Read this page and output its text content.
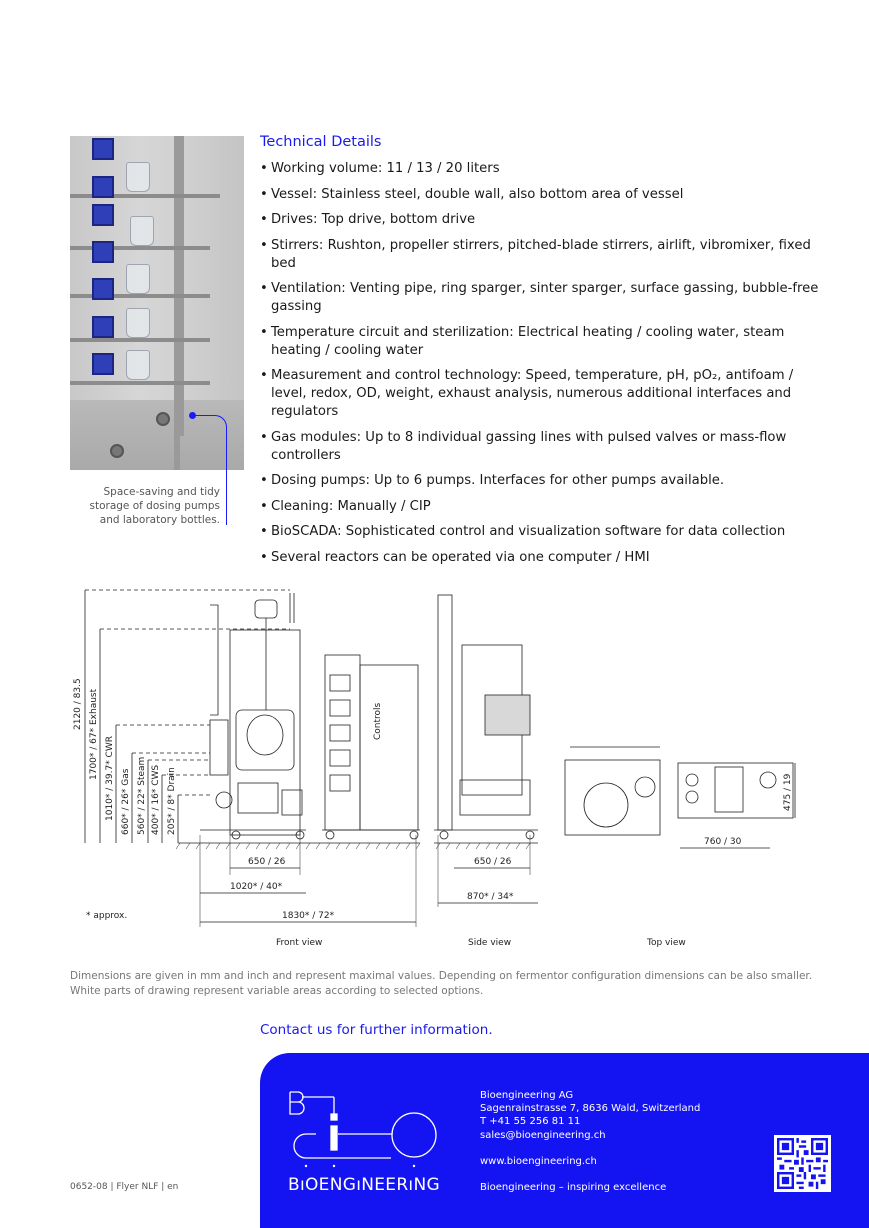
Space-saving and tidy storage of dosing pumps and laboratory bottles.
Technical Details
• Working volume: 11 / 13 / 20 liters
• Vessel: Stainless steel, double wall, also bottom area of vessel
• Drives: Top drive, bottom drive
• Stirrers: Rushton, propeller stirrers, pitched-blade stirrers, airlift, vibromixer, fixed bed
• Ventilation: Venting pipe, ring sparger, sinter sparger, surface gassing, bubble-free gassing
• Temperature circuit and sterilization: Electrical heating / cooling water, steam heating / cooling water
• Measurement and control technology: Speed, temperature, pH, pO₂, antifoam / level, redox, OD, weight, exhaust analysis, numerous additional interfaces and regulators
• Gas modules: Up to 8 individual gassing lines with pulsed valves or mass-flow controllers
• Dosing pumps: Up to 6 pumps. Interfaces for other pumps available.
• Cleaning: Manually / CIP
• BioSCADA: Sophisticated control and visualization software for data collection
• Several reactors can be operated via one computer / HMI
2120 / 83.5 1700* / 67* Exhaust 1010* / 39.7* CWR 660* / 26* Gas 560* / 22* Steam 400* / 16* CWS 205* / 8* Drain
Controls
650 / 26
1020* / 40*
1830* / 72*
650 / 26
870* / 34*
760 / 30
475 / 19
* approx.
Front view	Side view	Top view

Dimensions are given in mm and inch and represent maximal values. Depending on fermentor configuration dimensions can be also smaller. White parts of drawing represent variable areas according to selected options.

Contact us for further information.

BıOENGıNEERıNG
Bioengineering AG
Sagenrainstrasse 7, 8636 Wald, Switzerland
T +41 55 256 81 11
sales@bioengineering.ch
www.bioengineering.ch
Bioengineering – inspiring excellence
0652-08 | Flyer NLF | en
